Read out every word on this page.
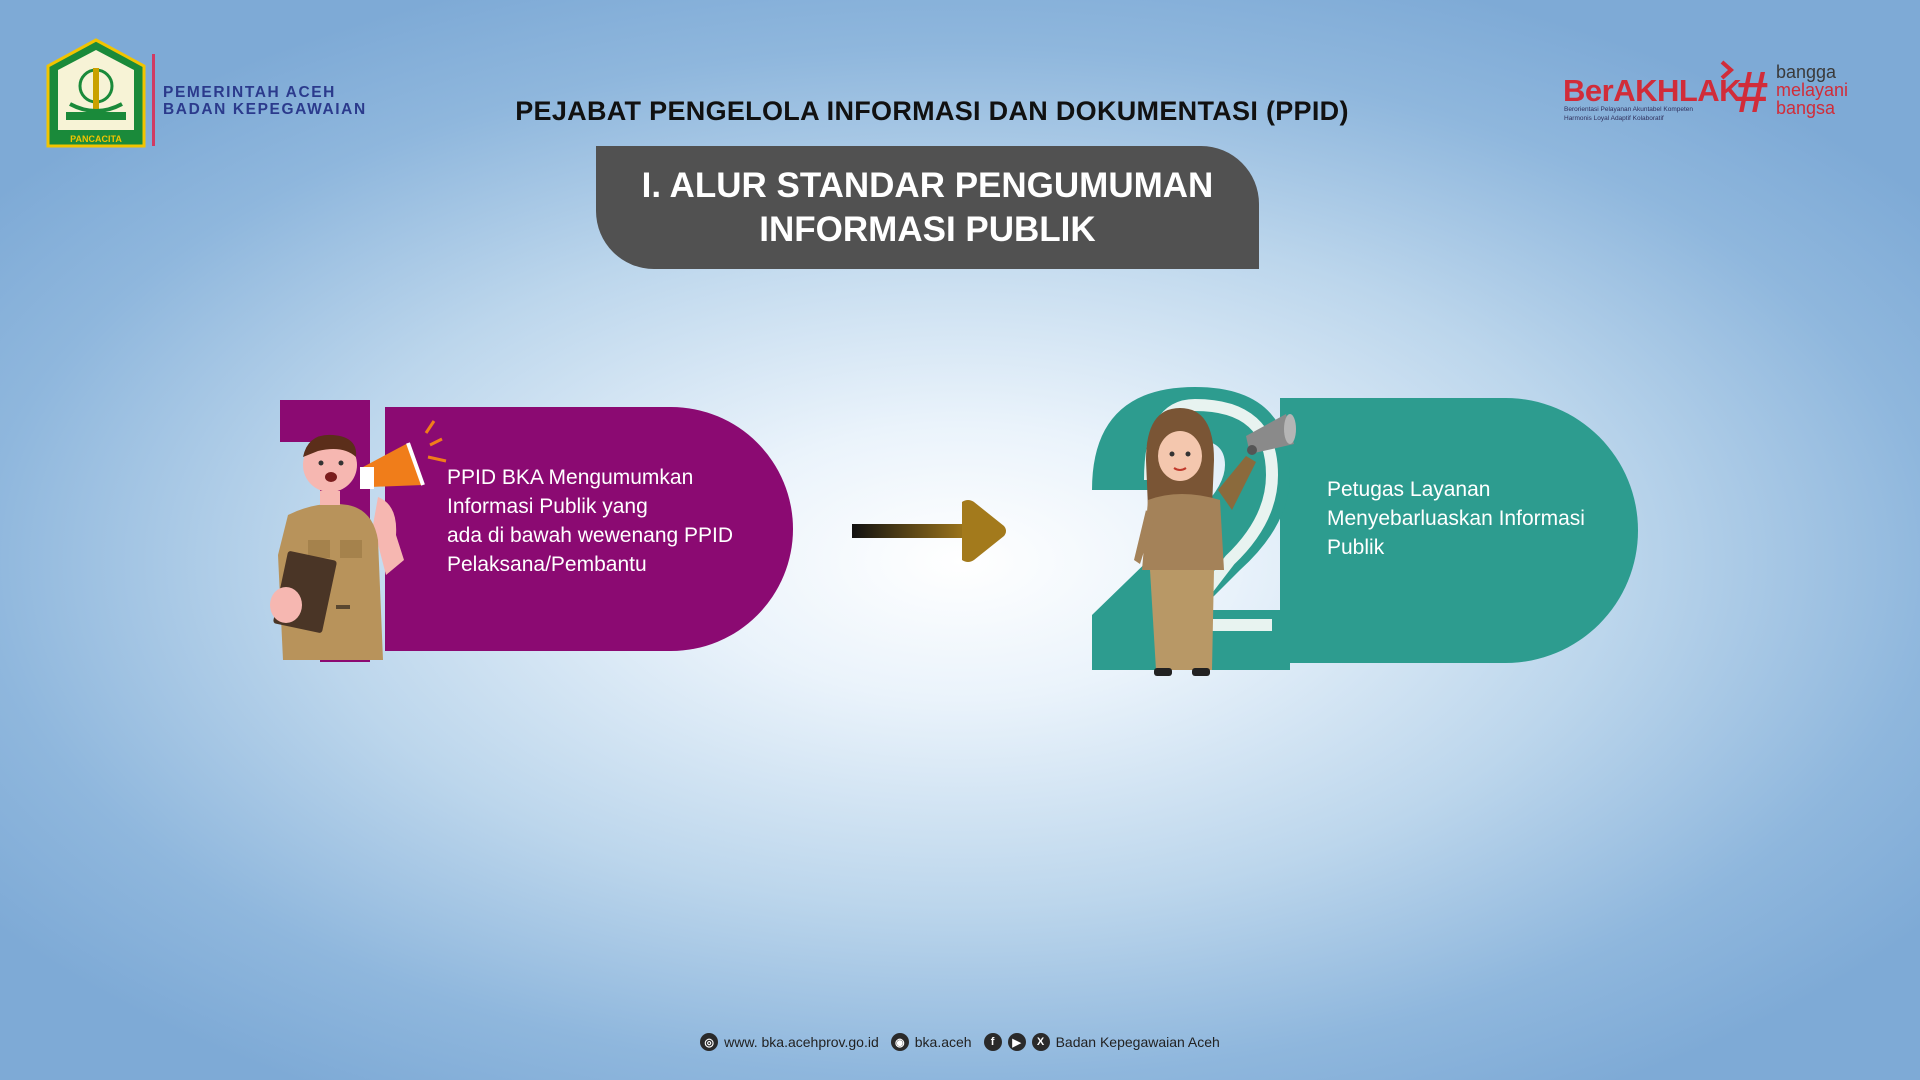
PANCACITA
PEMERINTAH ACEH
BADAN KEPEGAWAIAN	PEJABAT PENGELOLA INFORMASI DAN DOKUMENTASI (PPID)
I. ALUR STANDAR PENGUMUMAN
INFORMASI PUBLIK
BerAKHLAK
Berorientasi Pelayanan Akuntabel Kompeten
Harmonis Loyal Adaptif Kolaboratif # bangga
melayani
bangsa
PPID BKA Mengumumkan
Informasi Publik yang
ada di bawah wewenang PPID
Pelaksana/Pembantu
Petugas Layanan
Menyebarluaskan Informasi
Publik
◎ www. bka.acehprov.go.id	◉ bka.aceh	f	▶	X Badan Kepegawaian Aceh
